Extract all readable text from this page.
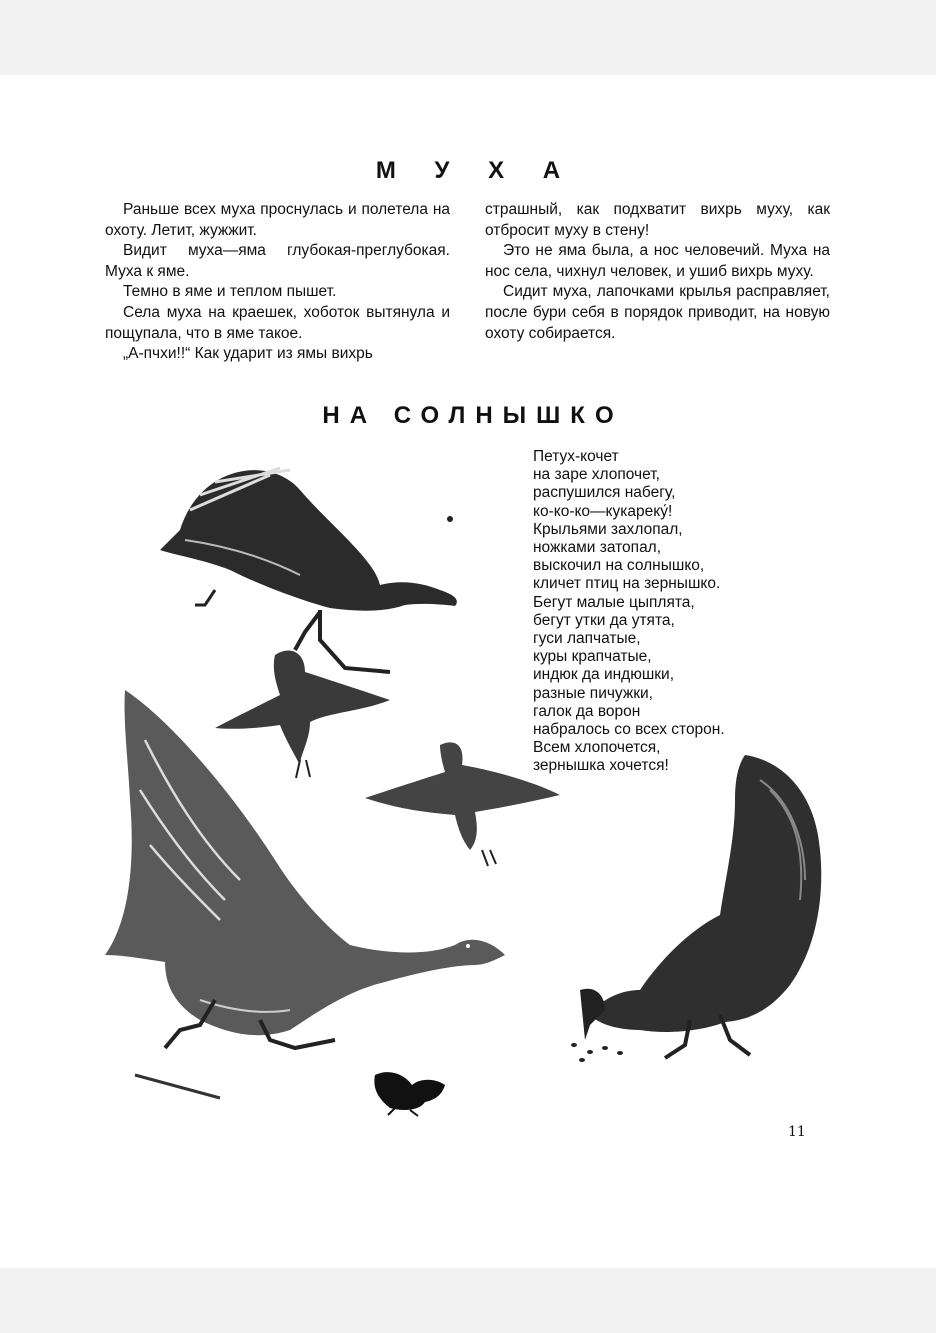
М У Х А

Раньше всех муха проснулась и полетела на охоту. Летит, жужжит.

Видит муха—яма глубокая-преглубокая. Муха к яме.

Темно в яме и теплом пышет.

Села муха на краешек, хоботок вытянула и пощупала, что в яме такое.

„А-пчхи!!“ Как ударит из ямы вихрь

страшный, как подхватит вихрь муху, как отбросит муху в стену!

Это не яма была, а нос человечий. Муха на нос села, чихнул человек, и ушиб вихрь муху.

Сидит муха, лапочками крылья расправляет, после бури себя в порядок приводит, на новую охоту собирается.

НА СОЛНЫШКО
Петух-кочет
на заре хлопочет,
распушился набегу,
ко-ко-ко—кукареку́!
Крыльями захлопал,
ножками затопал,
выскочил на солнышко,
кличет птиц на зернышко.
Бегут малые цыплята,
бегут утки да утята,
гуси лапчатые,
куры крапчатые,
индюк да индюшки,
разные пичужки,
галок да ворон
набралось со всех сторон.
Всем хлопочется,
зернышка хочется!
11
